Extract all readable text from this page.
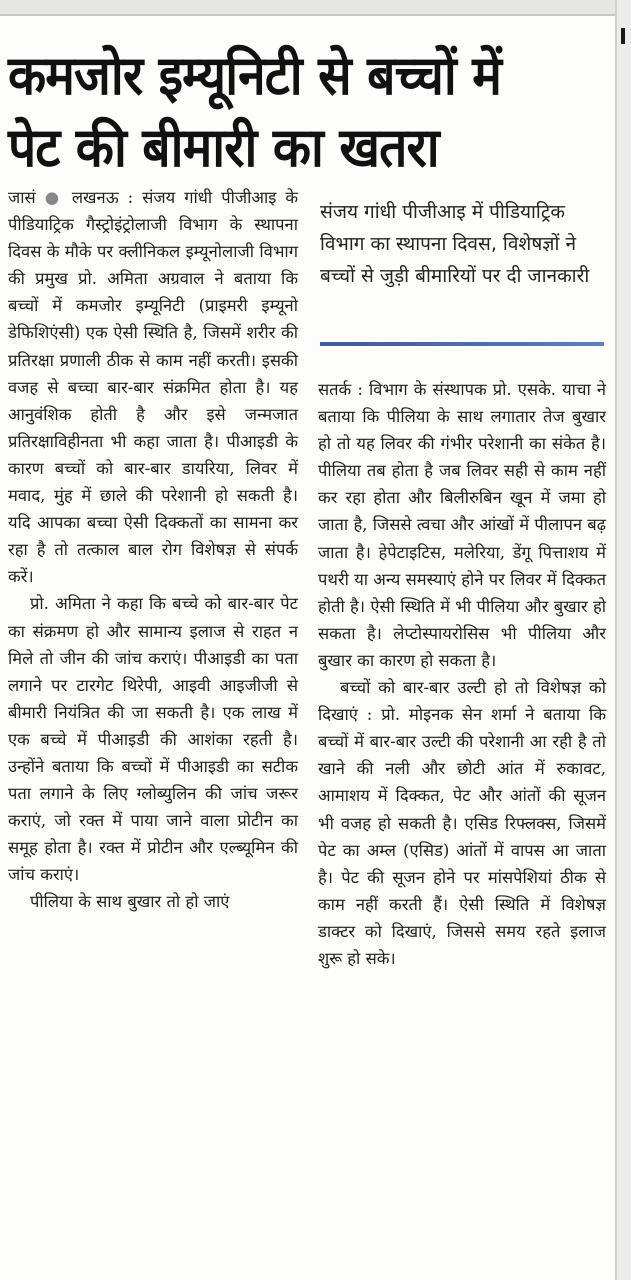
कमजोर इम्यूनिटी से बच्चों में
पेट की बीमारी का खतरा
संजय गांधी पीजीआइ में पीडियाट्रिक विभाग का स्थापना दिवस, विशेषज्ञों ने बच्चों से जुड़ी बीमारियों पर दी जानकारी

जासं ● लखनऊ : संजय गांधी पीजीआइ के पीडियाट्रिक गैस्ट्रोइंट्रोलाजी विभाग के स्थापना दिवस के मौके पर क्लीनिकल इम्यूनोलाजी विभाग की प्रमुख प्रो. अमिता अग्रवाल ने बताया कि बच्चों में कमजोर इम्यूनिटी (प्राइमरी इम्यूनो डेफिशिएंसी) एक ऐसी स्थिति है, जिसमें शरीर की प्रतिरक्षा प्रणाली ठीक से काम नहीं करती। इसकी वजह से बच्चा बार-बार संक्रमित होता है। यह आनुवंशिक होती है और इसे जन्मजात प्रतिरक्षाविहीनता भी कहा जाता है। पीआइडी के कारण बच्चों को बार-बार डायरिया, लिवर में मवाद, मुंह में छाले की परेशानी हो सकती है। यदि आपका बच्चा ऐसी दिक्कतों का सामना कर रहा है तो तत्काल बाल रोग विशेषज्ञ से संपर्क करें।

प्रो. अमिता ने कहा कि बच्चे को बार-बार पेट का संक्रमण हो और सामान्य इलाज से राहत न मिले तो जीन की जांच कराएं। पीआइडी का पता लगाने पर टारगेट थिरेपी, आइवी आइजीजी से बीमारी नियंत्रित की जा सकती है। एक लाख में एक बच्चे में पीआइडी की आशंका रहती है। उन्होंने बताया कि बच्चों में पीआइडी का सटीक पता लगाने के लिए ग्लोब्युलिन की जांच जरूर कराएं, जो रक्त में पाया जाने वाला प्रोटीन का समूह होता है। रक्त में प्रोटीन और एल्ब्यूमिन की जांच कराएं।

पीलिया के साथ बुखार तो हो जाएं

सतर्क : विभाग के संस्थापक प्रो. एसके. याचा ने बताया कि पीलिया के साथ लगातार तेज बुखार हो तो यह लिवर की गंभीर परेशानी का संकेत है। पीलिया तब होता है जब लिवर सही से काम नहीं कर रहा होता और बिलीरुबिन खून में जमा हो जाता है, जिससे त्वचा और आंखों में पीलापन बढ़ जाता है। हेपेटाइटिस, मलेरिया, डेंगू पित्ताशय में पथरी या अन्य समस्याएं होने पर लिवर में दिक्कत होती है। ऐसी स्थिति में भी पीलिया और बुखार हो सकता है। लेप्टोस्पायरोसिस भी पीलिया और बुखार का कारण हो सकता है।

बच्चों को बार-बार उल्टी हो तो विशेषज्ञ को दिखाएं : प्रो. मोइनक सेन शर्मा ने बताया कि बच्चों में बार-बार उल्टी की परेशानी आ रही है तो खाने की नली और छोटी आंत में रुकावट, आमाशय में दिक्कत, पेट और आंतों की सूजन भी वजह हो सकती है। एसिड रिफ्लक्स, जिसमें पेट का अम्ल (एसिड) आंतों में वापस आ जाता है। पेट की सूजन होने पर मांसपेशियां ठीक से काम नहीं करती हैं। ऐसी स्थिति में विशेषज्ञ डाक्टर को दिखाएं, जिससे समय रहते इलाज शुरू हो सके।
